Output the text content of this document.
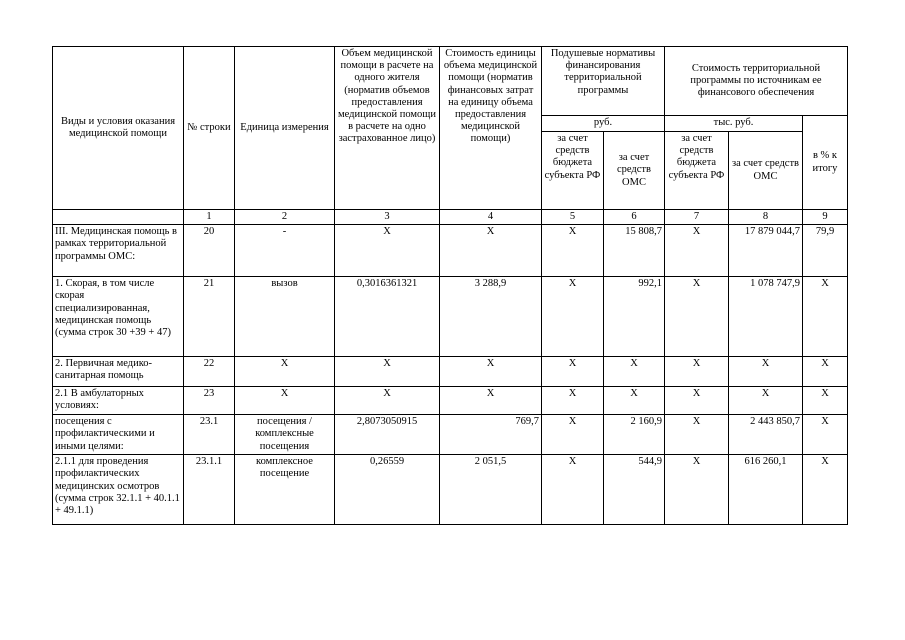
Виды и условия оказания медицинской помощи	№ строки	Единица измерения	Объем медицинской помощи в расчете на одного жителя (норматив объемов предоставления медицинской помощи в расчете на одно застрахованное лицо)	Стоимость единицы объема медицинской помощи (норматив финансовых затрат на единицу объема предоставления медицинской помощи)	Подушевые нормативы финансирования территориальной программы		Стоимость территориальной программы по источникам ее финансового обеспечения		
					руб.		тыс. руб.		в % к итогу
					за счет средств бюджета субъекта РФ	за счет средств ОМС	за счет средств бюджета субъекта РФ	за счет средств ОМС	
	1	2	3	4	5	6	7	8	9
III. Медицинская помощь в рамках территориальной программы ОМС:	20	-	Х	Х	Х	15 808,7	Х	17 879 044,7	79,9
1. Скорая, в том числе скорая специализированная, медицинская помощь (сумма строк 30 +39 + 47)	21	вызов	0,3016361321	3 288,9	Х	992,1	Х	1 078 747,9	Х
2. Первичная медико-санитарная помощь	22	Х	Х	Х	Х	Х	Х	Х	Х
2.1 В амбулаторных условиях:	23	Х	Х	Х	Х	Х	Х	Х	Х
посещения с профилактическими и иными целями:	23.1	посещения / комплексные посещения	2,8073050915	769,7	Х	2 160,9	Х	2 443 850,7	Х
2.1.1 для проведения профилактических медицинских осмотров (сумма строк 32.1.1 + 40.1.1 + 49.1.1)	23.1.1	комплексное посещение	0,26559	2 051,5	Х	544,9	Х	616 260,1	Х
